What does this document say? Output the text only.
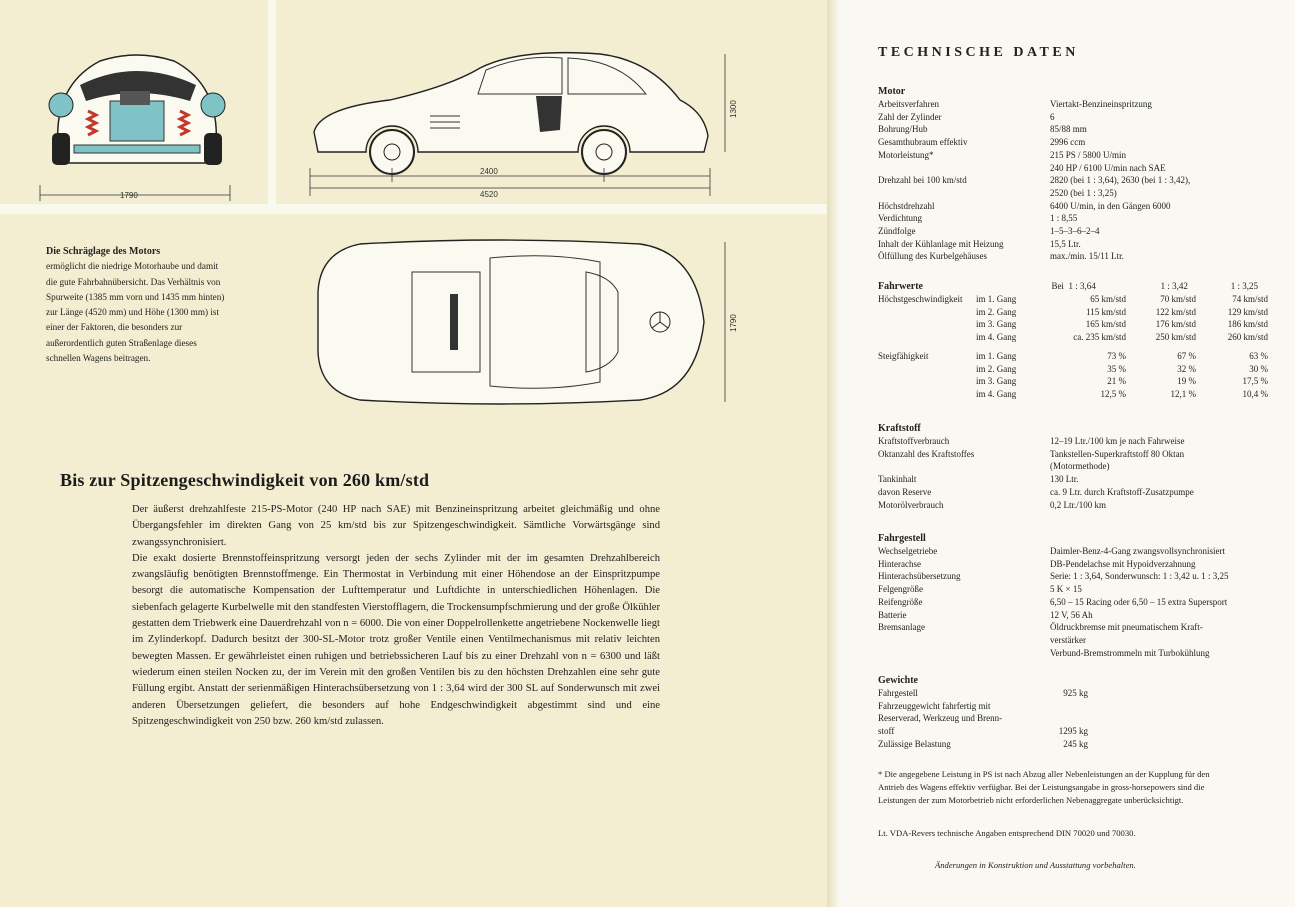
1790
2400
4520
1300
1790
Die Schräglage des Motors
ermöglicht die niedrige Motorhaube und damit die gute Fahrbahnübersicht. Das Verhältnis von Spurweite (1385 mm vorn und 1435 mm hinten) zur Länge (4520 mm) und Höhe (1300 mm) ist einer der Faktoren, die besonders zur außerordentlich guten Straßenlage dieses schnellen Wagens beitragen.
Bis zur Spitzengeschwindigkeit von 260 km/std

Der äußerst drehzahlfeste 215-PS-Motor (240 HP nach SAE) mit Benzineinspritzung arbeitet gleichmäßig und ohne Übergangsfehler im direkten Gang von 25 km/std bis zur Spitzengeschwindigkeit. Sämtliche Vorwärtsgänge sind zwangssynchronisiert.

Die exakt dosierte Brennstoffeinspritzung versorgt jeden der sechs Zylinder mit der im gesamten Drehzahlbereich zwangsläufig benötigten Brennstoffmenge. Ein Thermostat in Verbindung mit einer Höhendose an der Einspritzpumpe besorgt die automatische Kompensation der Lufttemperatur und Luftdichte in unterschiedlichen Höhenlagen. Die siebenfach gelagerte Kurbelwelle mit den standfesten Vierstofflagern, die Trockensumpfschmierung und der große Ölkühler gestatten dem Triebwerk eine Dauerdrehzahl von n = 6000. Die von einer Doppelrollenkette angetriebene Nockenwelle liegt im Zylinderkopf. Dadurch besitzt der 300-SL-Motor trotz großer Ventile einen Ventilmechanismus mit relativ leichten bewegten Massen. Er gewährleistet einen ruhigen und betriebssicheren Lauf bis zu einer Drehzahl von n = 6300 und läßt wiederum einen steilen Nocken zu, der im Verein mit den großen Ventilen bis zu den höchsten Drehzahlen eine sehr gute Füllung ergibt. Anstatt der serienmäßigen Hinterachsübersetzung von 1 : 3,64 wird der 300 SL auf Sonderwunsch mit zwei anderen Übersetzungen geliefert, die besonders auf hohe Endgeschwindigkeit abgestimmt sind und eine Spitzengeschwindigkeit von 250 bzw. 260 km/std zulassen.

TECHNISCHE DATEN
Motor
Arbeitsverfahren	Viertakt-Benzineinspritzung
Zahl der Zylinder	6
Bohrung/Hub	85/88 mm
Gesamthubraum effektiv	2996 ccm
Motorleistung*	215 PS / 5800 U/min
240 HP / 6100 U/min nach SAE
Drehzahl bei 100 km/std	2820 (bei 1 : 3,64), 2630 (bei 1 : 3,42),
2520 (bei 1 : 3,25)
Höchstdrehzahl	6400 U/min, in den Gängen 6000
Verdichtung	1 : 8,55
Zündfolge	1–5–3–6–2–4
Inhalt der Kühlanlage mit Heizung	15,5 Ltr.
Ölfüllung des Kurbelgehäuses	max./min. 15/11 Ltr.
Fahrwerte	Bei 1 : 3,64	1 : 3,42	1 : 3,25
Höchstgeschwindigkeit	im 1. Gang	65 km/std	70 km/std	74 km/std
im 2. Gang	115 km/std	122 km/std	129 km/std
im 3. Gang	165 km/std	176 km/std	186 km/std
im 4. Gang	ca. 235 km/std	250 km/std	260 km/std
Steigfähigkeit	im 1. Gang	73 %	67 %	63 %
im 2. Gang	35 %	32 %	30 %
im 3. Gang	21 %	19 %	17,5 %
im 4. Gang	12,5 %	12,1 %	10,4 %
Kraftstoff
Kraftstoffverbrauch	12–19 Ltr./100 km je nach Fahrweise
Oktanzahl des Kraftstoffes	Tankstellen-Superkraftstoff 80 Oktan
(Motormethode)
Tankinhalt	130 Ltr.
davon Reserve	ca. 9 Ltr. durch Kraftstoff-Zusatzpumpe
Motorölverbrauch	0,2 Ltr./100 km
Fahrgestell
Wechselgetriebe	Daimler-Benz-4-Gang zwangsvollsynchronisiert
Hinterachse	DB-Pendelachse mit Hypoidverzahnung
Hinterachsübersetzung	Serie: 1 : 3,64, Sonderwunsch: 1 : 3,42 u. 1 : 3,25
Felgengröße	5 K × 15
Reifengröße	6,50 – 15 Racing oder 6,50 – 15 extra Supersport
Batterie	12 V, 56 Ah
Bremsanlage	Öldruckbremse mit pneumatischem Kraft-
verstärker
Verbund-Bremstrommeln mit Turbokühlung
Gewichte
Fahrgestell	925 kg
Fahrzeuggewicht fahrfertig mit
Reserverad, Werkzeug und Brenn-
stoff	1295 kg
Zulässige Belastung	245 kg
* Die angegebene Leistung in PS ist nach Abzug aller Nebenleistungen an der Kupplung für den Antrieb des Wagens effektiv verfügbar. Bei der Leistungsangabe in gross-horsepowers sind die Leistungen der zum Motorbetrieb nicht erforderlichen Nebenaggregate unberücksichtigt.
Lt. VDA-Revers technische Angaben entsprechend DIN 70020 und 70030.
Änderungen in Konstruktion und Ausstattung vorbehalten.
